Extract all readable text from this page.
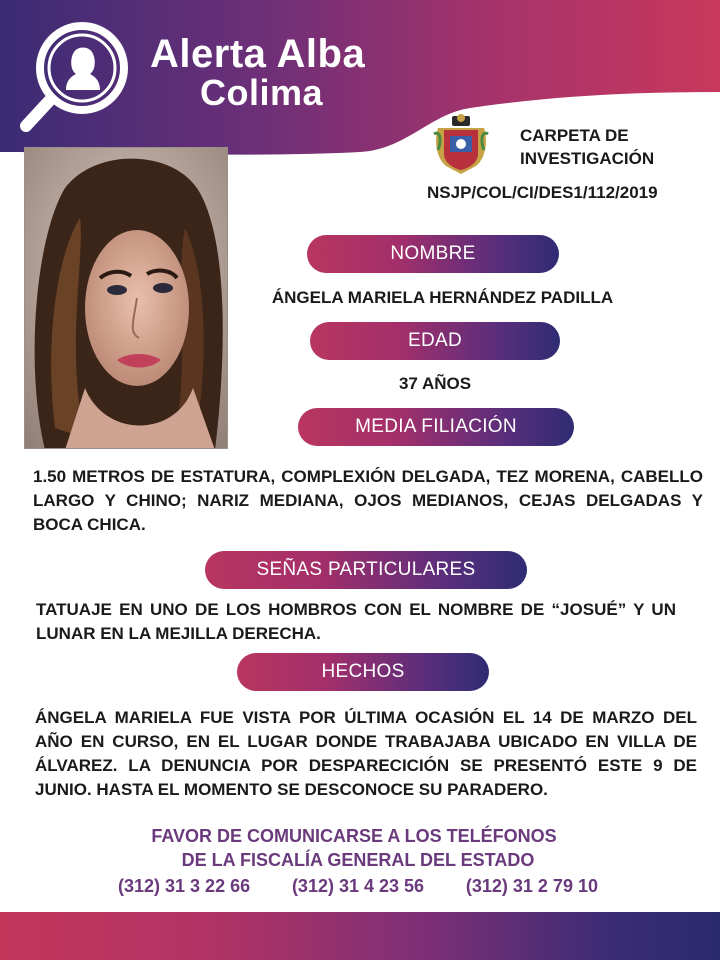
Alerta Alba
Colima
CARPETA DE
INVESTIGACIÓN
NSJP/COL/CI/DES1/112/2019
NOMBRE
ÁNGELA MARIELA HERNÁNDEZ PADILLA
EDAD
37 AÑOS
MEDIA FILIACIÓN
1.50 METROS DE ESTATURA, COMPLEXIÓN DELGADA, TEZ MORENA, CABELLO LARGO Y CHINO; NARIZ MEDIANA, OJOS MEDIANOS, CEJAS DELGADAS Y BOCA CHICA.
SEÑAS PARTICULARES
TATUAJE EN UNO DE LOS HOMBROS CON EL NOMBRE DE “JOSUÉ” Y UN LUNAR EN LA MEJILLA DERECHA.
HECHOS
ÁNGELA MARIELA FUE VISTA POR ÚLTIMA OCASIÓN EL 14 DE MARZO DEL AÑO EN CURSO, EN EL LUGAR DONDE TRABAJABA UBICADO EN VILLA DE ÁLVAREZ. LA DENUNCIA POR DESPARECICIÓN SE PRESENTÓ ESTE 9 DE JUNIO. HASTA EL MOMENTO SE DESCONOCE SU PARADERO.
FAVOR DE COMUNICARSE A LOS TELÉFONOS
DE LA FISCALÍA GENERAL DEL ESTADO
(312) 31 3 22 66 (312) 31 4 23 56 (312) 31 2 79 10
